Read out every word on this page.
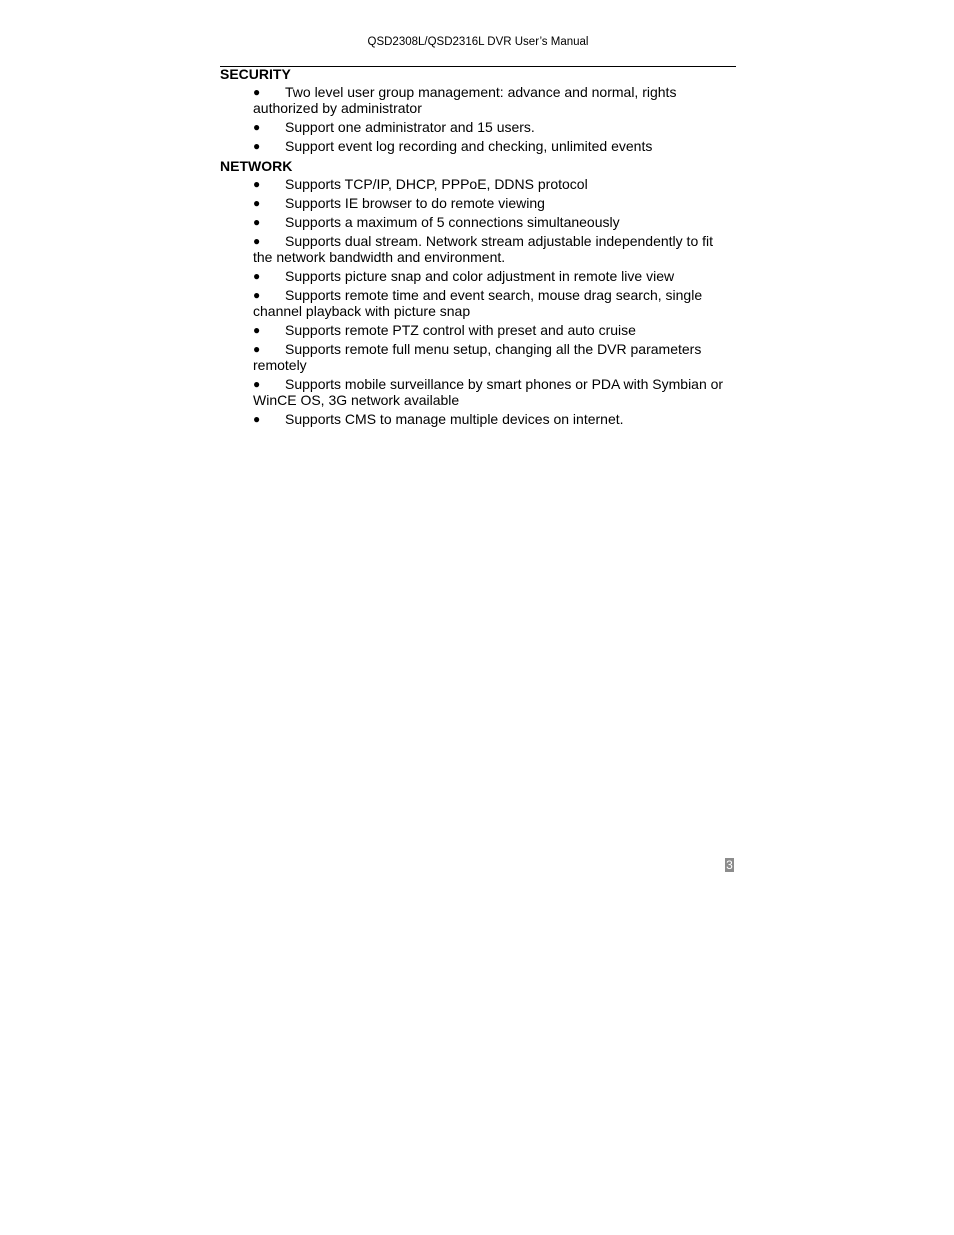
QSD2308L/QSD2316L DVR User’s Manual
SECURITY
●	Two level user group management: advance and normal, rights authorized by administrator
●	Support one administrator and 15 users.
●	Support event log recording and checking, unlimited events
NETWORK
●	Supports TCP/IP, DHCP, PPPoE, DDNS protocol
●	Supports IE browser to do remote viewing
●	Supports a maximum of 5 connections simultaneously
●	Supports dual stream. Network stream adjustable independently to fit the network bandwidth and environment.
●	Supports picture snap and color adjustment in remote live view
●	Supports remote time and event search, mouse drag search, single channel playback with picture snap
●	Supports remote PTZ control with preset and auto cruise
●	Supports remote full menu setup, changing all the DVR parameters remotely
●	Supports mobile surveillance by smart phones or PDA with Symbian or WinCE OS, 3G network available
●	Supports CMS to manage multiple devices on internet.
3
